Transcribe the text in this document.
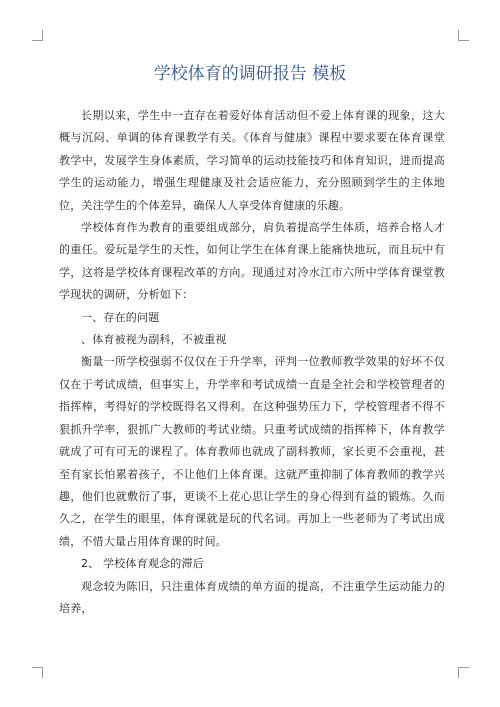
学校体育的调研报告 模板

长期以来，学生中一直存在着爱好体育活动但不爱上体育课的现象，这大概与沉闷、单调的体育课教学有关。《体育与健康》课程中要求要在体育课堂教学中，发展学生身体素质，学习简单的运动技能技巧和体育知识，进而提高学生的运动能力，增强生理健康及社会适应能力，充分照顾到学生的主体地位，关注学生的个体差异，确保人人享受体育健康的乐趣。

学校体育作为教育的重要组成部分，肩负着提高学生体质，培养合格人才的重任。爱玩是学生的天性，如何让学生在体育课上能痛快地玩，而且玩中有学，这将是学校体育课程改革的方向。现通过对冷水江市六所中学体育课堂教学现状的调研，分析如下：

一、存在的问题

、体育被视为副科，不被重视

衡量一所学校强弱不仅仅在于升学率，评判一位教师教学效果的好坏不仅仅在于考试成绩，但事实上，升学率和考试成绩一直是全社会和学校管理者的指挥棒，考得好的学校既得名又得利。在这种强势压力下，学校管理者不得不狠抓升学率，狠抓广大教师的考试业绩。只重考试成绩的指挥棒下，体育教学就成了可有可无的课程了。体育教师也就成了副科教师，家长更不会重视，甚至有家长怕累着孩子，不让他们上体育课。这就严重抑制了体育教师的教学兴趣，他们也就敷衍了事，更谈不上花心思让学生的身心得到有益的锻炼。久而久之，在学生的眼里，体育课就是玩的代名词。再加上一些老师为了考试出成绩，不惜大量占用体育课的时间。

2、 学校体育观念的滞后

观念较为陈旧，只注重体育成绩的单方面的提高，不注重学生运动能力的培养，
